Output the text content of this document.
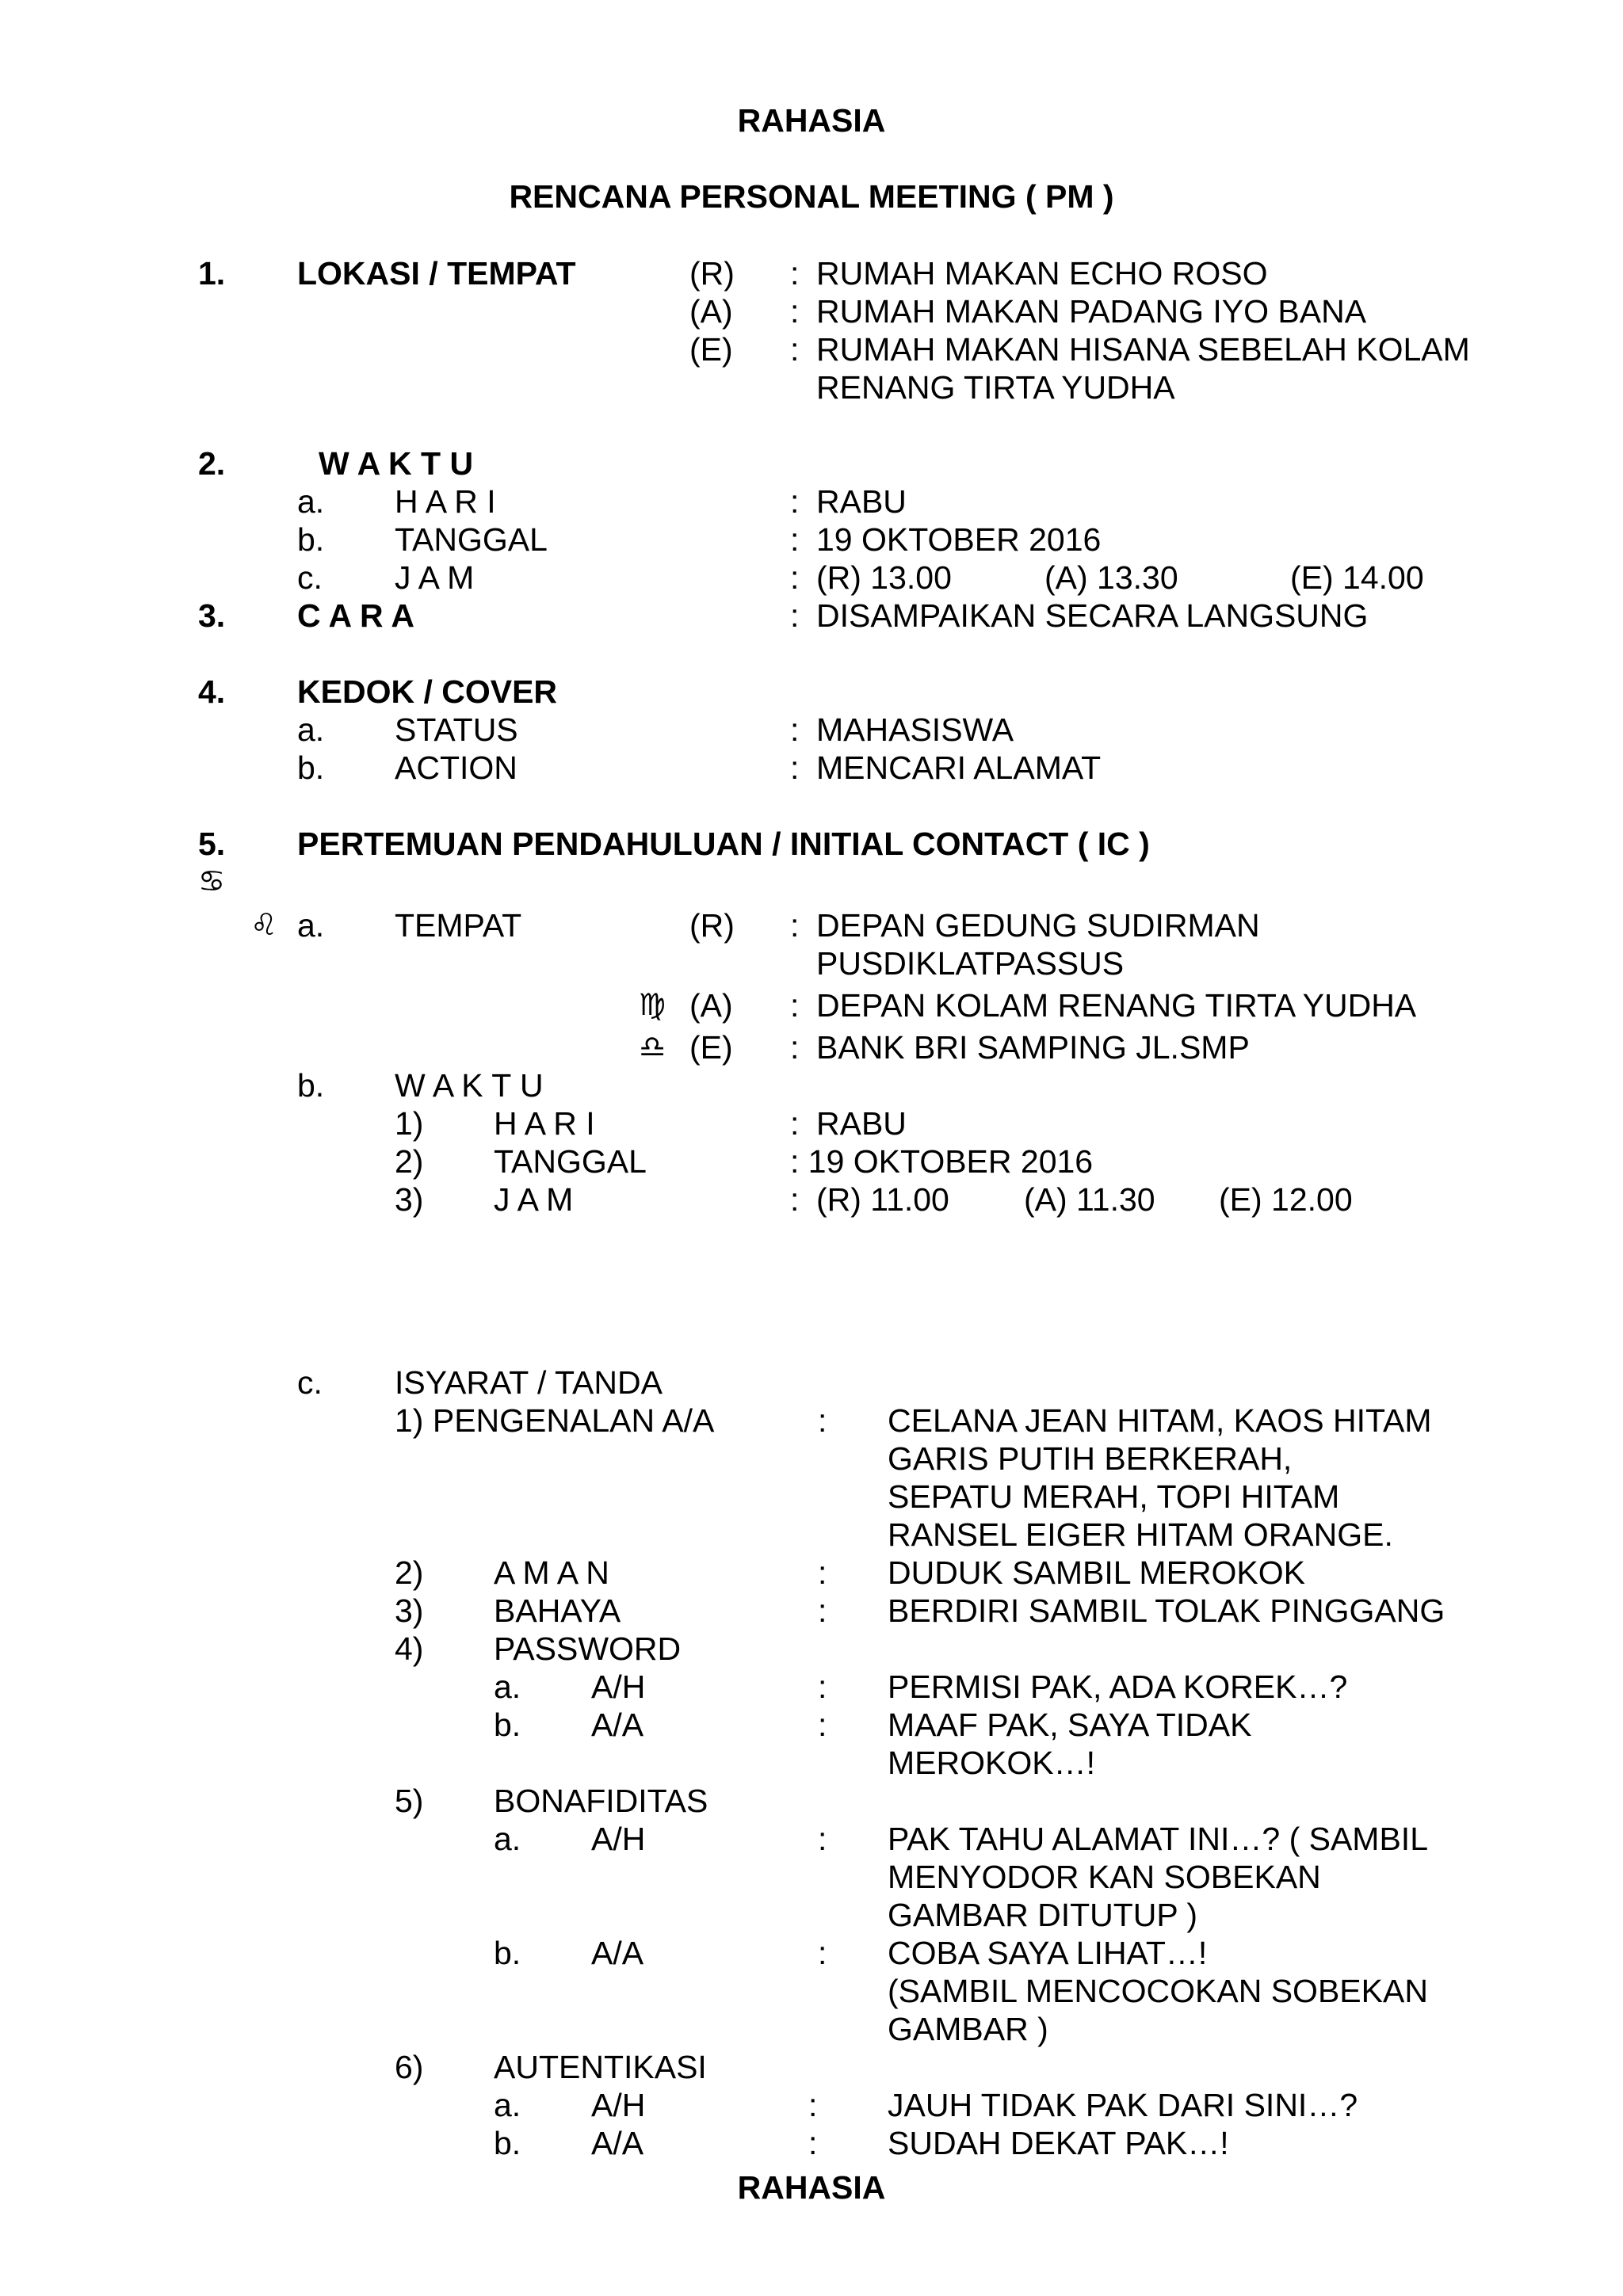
RAHASIA
RENCANA PERSONAL MEETING ( PM )
1. LOKASI / TEMPAT	(R) : RUMAH MAKAN ECHO ROSO
(A) : RUMAH MAKAN PADANG IYO BANA
(E) : RUMAH MAKAN HISANA SEBELAH KOLAM
RENANG TIRTA YUDHA
2.	W A K T U
a. H A R I	: RABU
b. TANGGAL	: 19 OKTOBER 2016
c. J A M	: (R) 13.00	(A) 13.30	(E) 14.00
3. C A R A	: DISAMPAIKAN SECARA LANGSUNG
4. KEDOK / COVER
a. STATUS	: MAHASISWA
b. ACTION	: MENCARI ALAMAT
5. PERTEMUAN PENDAHULUAN / INITIAL CONTACT ( IC )
♋
♌ a. TEMPAT	(R) : DEPAN GEDUNG SUDIRMAN
PUSDIKLATPASSUS
♍ (A) : DEPAN KOLAM RENANG TIRTA YUDHA
♎ (E) : BANK BRI SAMPING JL.SMP
b. W A K T U
1) H A R I	: RABU
2) TANGGAL	: 19 OKTOBER 2016
3) J A M	: (R) 11.00 (A) 11.30 (E) 12.00
c. ISYARAT / TANDA
1) PENGENALAN A/A	: CELANA JEAN HITAM, KAOS HITAM
GARIS PUTIH BERKERAH,
SEPATU MERAH, TOPI HITAM
RANSEL EIGER HITAM ORANGE.
2) A M A N	: DUDUK SAMBIL MEROKOK
3) BAHAYA	: BERDIRI SAMBIL TOLAK PINGGANG
4) PASSWORD
a. A/H	: PERMISI PAK, ADA KOREK…?
b. A/A	: MAAF PAK, SAYA TIDAK
MEROKOK…!
5) BONAFIDITAS
a. A/H	: PAK TAHU ALAMAT INI…? ( SAMBIL
MENYODOR KAN SOBEKAN
GAMBAR DITUTUP )
b. A/A	: COBA SAYA LIHAT…!
(SAMBIL MENCOCOKAN SOBEKAN
GAMBAR )
6) AUTENTIKASI
a. A/H	: JAUH TIDAK PAK DARI SINI…?
b. A/A	: SUDAH DEKAT PAK…!
RAHASIA
